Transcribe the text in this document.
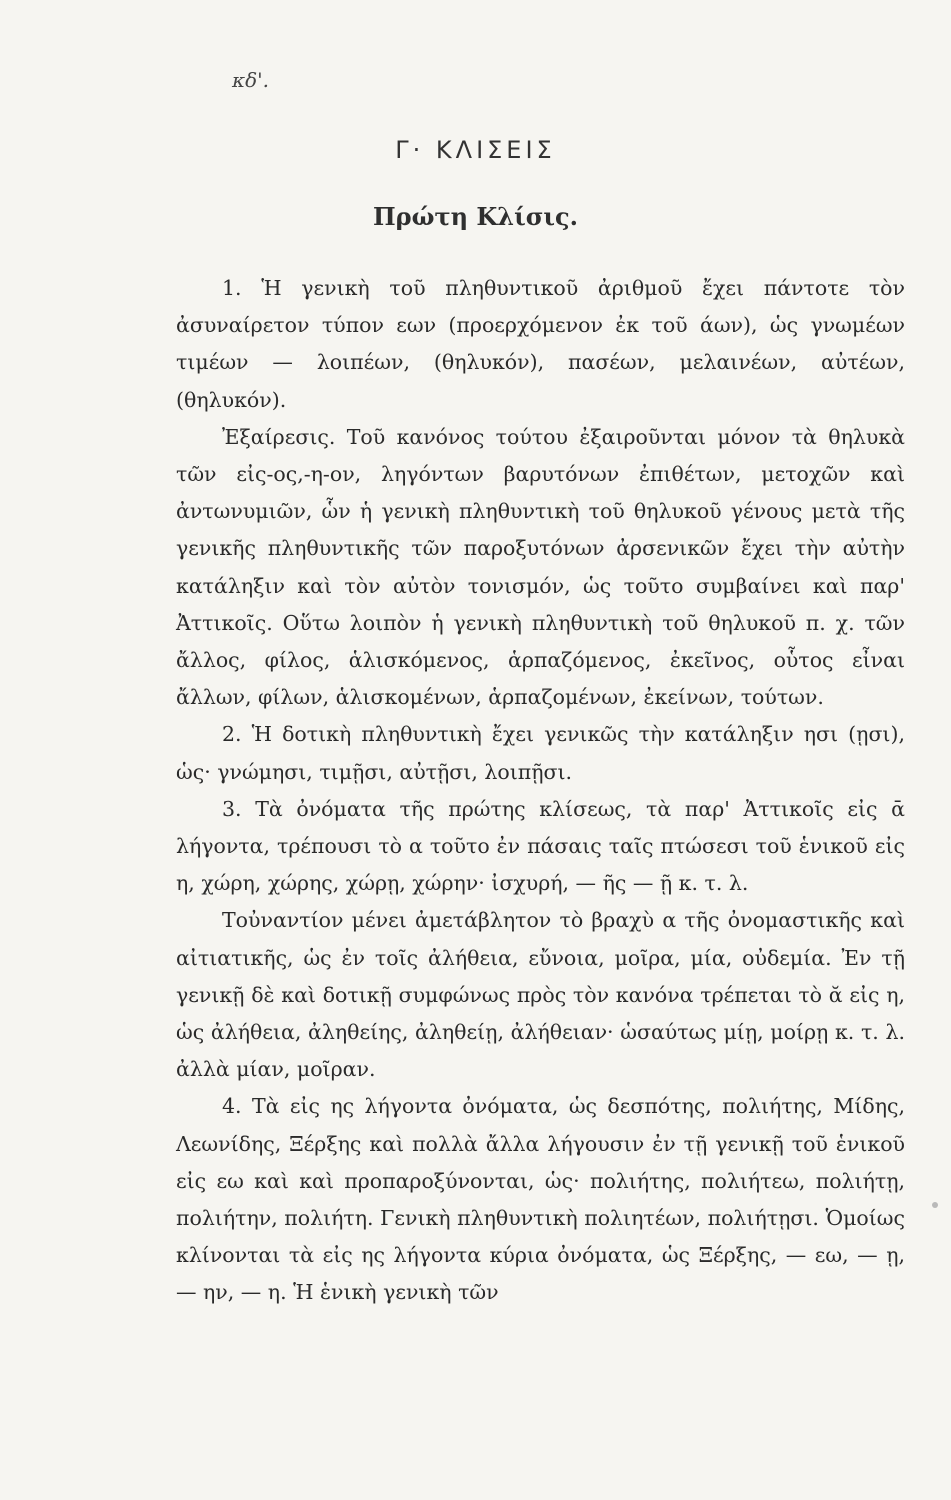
κδ'.
Γ· ΚΛΙΣΕΙΣ
Πρώτη Κλίσις.

1. Ἡ γενικὴ τοῦ πληθυντικοῦ ἀριθμοῦ ἔχει πάντοτε τὸν ἀσυναίρετον τύπον εων (προερχόμενον ἐκ τοῦ άων), ὡς γνωμέων τιμέων — λοιπέων, (θηλυκόν), πασέων, μελαινέων, αὐτέων, (θηλυκόν).

Ἐξαίρεσις. Τοῦ κανόνος τούτου ἐξαιροῦνται μόνον τὰ θηλυκὰ τῶν εἰς-ος,-η-ον, ληγόντων βαρυτόνων ἐπιθέτων, μετοχῶν καὶ ἀντωνυμιῶν, ὧν ἡ γενικὴ πληθυντικὴ τοῦ θηλυκοῦ γένους μετὰ τῆς γενικῆς πληθυντικῆς τῶν παροξυτόνων ἀρσενικῶν ἔχει τὴν αὐτὴν κατάληξιν καὶ τὸν αὐτὸν τονισμόν, ὡς τοῦτο συμβαίνει καὶ παρ' Ἀττικοῖς. Οὕτω λοιπὸν ἡ γενικὴ πληθυντικὴ τοῦ θηλυκοῦ π. χ. τῶν ἄλλος, φίλος, ἁλισκόμενος, ἁρπαζόμενος, ἐκεῖνος, οὗτος εἶναι ἄλλων, φίλων, ἁλισκομένων, ἁρπαζομένων, ἐκείνων, τούτων.

2. Ἡ δοτικὴ πληθυντικὴ ἔχει γενικῶς τὴν κατάληξιν ησι (ῃσι), ὡς· γνώμησι, τιμῇσι, αὐτῇσι, λοιπῇσι.

3. Τὰ ὀνόματα τῆς πρώτης κλίσεως, τὰ παρ' Ἀττικοῖς εἰς ᾱ λήγοντα, τρέπουσι τὸ α τοῦτο ἐν πάσαις ταῖς πτώσεσι τοῦ ἑνικοῦ εἰς η, χώρη, χώρης, χώρῃ, χώρην· ἰσχυρή, — ῆς — ῇ κ. τ. λ.

Τοὐναντίον μένει ἀμετάβλητον τὸ βραχὺ α τῆς ὀνομαστικῆς καὶ αἰτιατικῆς, ὡς ἐν τοῖς ἀλήθεια, εὔνοια, μοῖρα, μία, οὐδεμία. Ἐν τῇ γενικῇ δὲ καὶ δοτικῇ συμφώνως πρὸς τὸν κανόνα τρέπεται τὸ ᾰ εἰς η, ὡς ἀλήθεια, ἀληθείης, ἀληθείῃ, ἀλήθειαν· ὡσαύτως μίῃ, μοίρῃ κ. τ. λ. ἀλλὰ μίαν, μοῖραν.

4. Τὰ εἰς ης λήγοντα ὀνόματα, ὡς δεσπότης, πολιήτης, Μίδης, Λεωνίδης, Ξέρξης καὶ πολλὰ ἄλλα λήγουσιν ἐν τῇ γενικῇ τοῦ ἑνικοῦ εἰς εω καὶ καὶ προπαροξύνονται, ὡς· πολιήτης, πολιήτεω, πολιήτῃ, πολιήτην, πολιήτη. Γενικὴ πληθυντικὴ πολιητέων, πολιήτῃσι. Ὁμοίως κλίνονται τὰ εἰς ης λήγοντα κύρια ὀνόματα, ὡς Ξέρξης, — εω, — ῃ, — ην, — η. Ἡ ἑνικὴ γενικὴ τῶν
